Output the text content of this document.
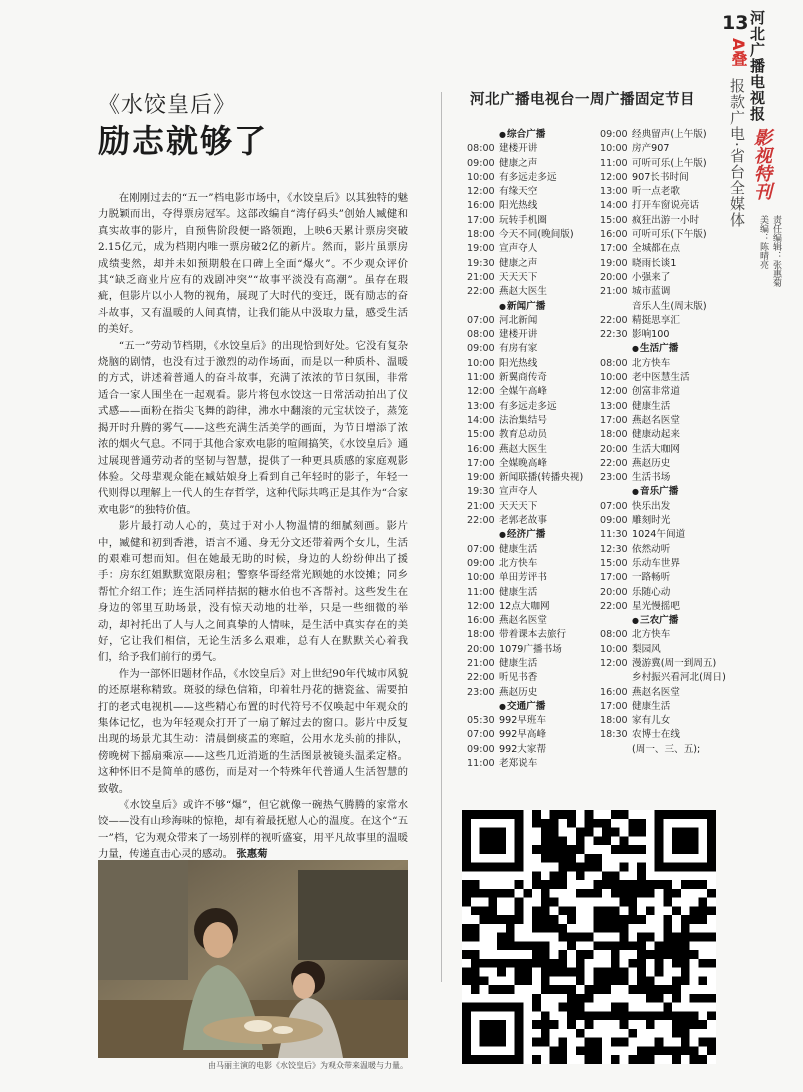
13
A叠 河北广播电视报
报款广电·省台全媒体 影视特刊
责任编辑：张惠菊
美编：陈晴亮
《水饺皇后》
励志就够了

在刚刚过去的“五一”档电影市场中，《水饺皇后》以其独特的魅力脱颖而出，夺得票房冠军。这部改编自“湾仔码头”创始人臧健和真实故事的影片，自预售阶段便一路领跑，上映6天累计票房突破2.15亿元，成为档期内唯一票房破2亿的新片。然而，影片虽票房成绩斐然，却并未如预期般在口碑上全面“爆火”。不少观众评价其“缺乏商业片应有的戏剧冲突”“故事平淡没有高潮”。虽存在瑕疵，但影片以小人物的视角，展现了大时代的变迁，既有励志的奋斗故事，又有温暖的人间真情，让我们能从中汲取力量，感受生活的美好。

“五一”劳动节档期，《水饺皇后》的出现恰到好处。它没有复杂烧脑的剧情，也没有过于激烈的动作场面，而是以一种质朴、温暖的方式，讲述着普通人的奋斗故事，充满了浓浓的节日氛围，非常适合一家人围坐在一起观看。影片将包水饺这一日常活动拍出了仪式感——面粉在指尖飞舞的韵律，沸水中翻滚的元宝状饺子，蒸笼揭开时升腾的雾气——这些充满生活美学的画面，为节日增添了浓浓的烟火气息。不同于其他合家欢电影的喧闹搞笑，《水饺皇后》通过展现普通劳动者的坚韧与智慧，提供了一种更具质感的家庭观影体验。父母辈观众能在臧姑娘身上看到自己年轻时的影子，年轻一代则得以理解上一代人的生存哲学，这种代际共鸣正是其作为“合家欢电影”的独特价值。

影片最打动人心的，莫过于对小人物温情的细腻刻画。影片中，臧健和初到香港，语言不通、身无分文还带着两个女儿，生活的艰难可想而知。但在她最无助的时候，身边的人纷纷伸出了援手：房东红姐默默宽限房租；警察华哥经常光顾她的水饺摊；同乡帮忙介绍工作；连生活同样拮据的糖水伯也不吝帮衬。这些发生在身边的邻里互助场景，没有惊天动地的壮举，只是一些细微的举动，却衬托出了人与人之间真挚的人情味，是生活中真实存在的美好，它让我们相信，无论生活多么艰难，总有人在默默关心着我们，给予我们前行的勇气。

作为一部怀旧题材作品，《水饺皇后》对上世纪90年代城市风貌的还原堪称精致。斑驳的绿色信箱，印着牡丹花的搪瓷盆、需要拍打的老式电视机——这些精心布置的时代符号不仅唤起中年观众的集体记忆，也为年轻观众打开了一扇了解过去的窗口。影片中反复出现的场景尤其生动：清晨倒痰盂的寒暄，公用水龙头前的排队，傍晚树下摇扇乘凉——这些几近消逝的生活图景被镜头温柔定格。这种怀旧不是简单的感伤，而是对一个特殊年代普通人生活智慧的致敬。

《水饺皇后》或许不够“爆”，但它就像一碗热气腾腾的家常水饺——没有山珍海味的惊艳，却有着最抚慰人心的温度。在这个“五一”档，它为观众带来了一场别样的视听盛宴，用平凡故事里的温暖力量，传递直击心灵的感动。 张惠菊

由马丽主演的电影《水饺皇后》为观众带来温暖与力量。
河北广播电视台一周广播固定节目
● 综合广播
08:00 建楼开讲
09:00 健康之声
10:00 有多远走多远
12:00 有缘天空
16:00 阳光热线
17:00 玩转手机圈
18:00 今天不同(晚间版)
19:00 宣声夺人
19:30 健康之声
21:00 天天天下
22:00 燕赵大医生
● 新闻广播
07:00 河北新闻
08:00 建楼开讲
09:00 有房有家
10:00 阳光热线
11:00 新翼商传奇
12:00 全媒午高峰
13:00 有多远走多远
14:00 法治集结号
15:00 教育总动员
16:00 燕赵大医生
17:00 全媒晚高峰
19:00 新闻联播(转播央视)
19:30 宣声夺人
21:00 天天天下
22:00 老郭老故事
● 经济广播
07:00 健康生活
09:00 北方快车
10:00 单田芳评书
11:00 健康生活
12:00 12点大咖网
16:00 燕赵名医堂
18:00 带着课本去旅行
20:00 1079广播书场
21:00 健康生活
22:00 听见书香
23:00 燕赵历史
● 交通广播
05:30 992早班车
07:00 992早高峰
09:00 992大家帮
11:00 老郑说车
09:00 经典留声(上午版)
10:00 房产907
11:00 可听可乐(上午版)
12:00 907长书时间
13:00 听一点老歌
14:00 打开车窗说亮话
15:00 疯狂出游一小时
16:00 可听可乐(下午版)
17:00 全城都在点
19:00 晓雨长谈1
20:00 小强来了
21:00 城市蓝调
音乐人生(周末版)
22:00 精挺思享汇
22:30 影响100
● 生活广播
08:00 北方快车
10:00 老中医慧生活
12:00 创富非常道
13:00 健康生活
17:00 燕赵名医堂
18:00 健康动起来
20:00 生活大咖网
22:00 燕赵历史
23:00 生活书场
● 音乐广播
07:00 快乐出发
09:00 雕刻时光
11:30 1024午间道
12:30 依然动听
15:00 乐动车世界
17:00 一路畅听
20:00 乐随心动
22:00 星光慢摇吧
● 三农广播
08:00 北方快车
10:00 梨园风
12:00 漫游冀(周一到周五)
乡村振兴看河北(周日)
16:00 燕赵名医堂
17:00 健康生活
18:00 家有儿女
18:30 农博士在线
(周一、三、五);
